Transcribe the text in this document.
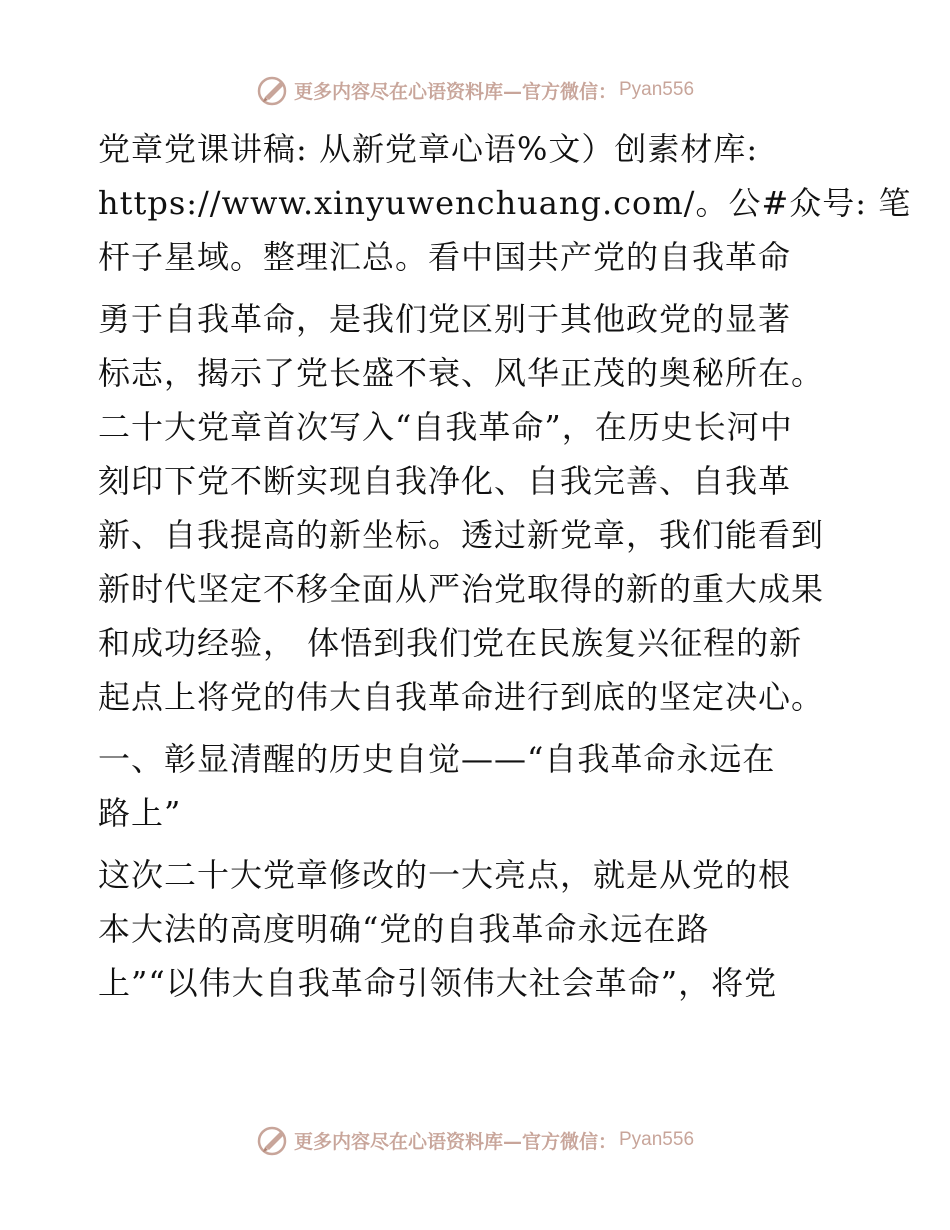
更多内容尽在心语资料库—官方微信： Pyan556
党章党课讲稿: 从新党章心语%文）创素材库:
https://www.xinyuwenchuang.com/。公#众号: 笔
杆子星域。整理汇总。看中国共产党的自我革命
勇于自我革命，是我们党区别于其他政党的显著
标志，揭示了党长盛不衰、风华正茂的奥秘所在。
二十大党章首次写入“自我革命”，在历史长河中
刻印下党不断实现自我净化、自我完善、自我革
新、自我提高的新坐标。透过新党章，我们能看到
新时代坚定不移全面从严治党取得的新的重大成果
和成功经验， 体悟到我们党在民族复兴征程的新
起点上将党的伟大自我革命进行到底的坚定决心。
一、彰显清醒的历史自觉——“自我革命永远在
路上”
这次二十大党章修改的一大亮点，就是从党的根
本大法的高度明确“党的自我革命永远在路
上”“以伟大自我革命引领伟大社会革命”，将党
更多内容尽在心语资料库—官方微信： Pyan556
